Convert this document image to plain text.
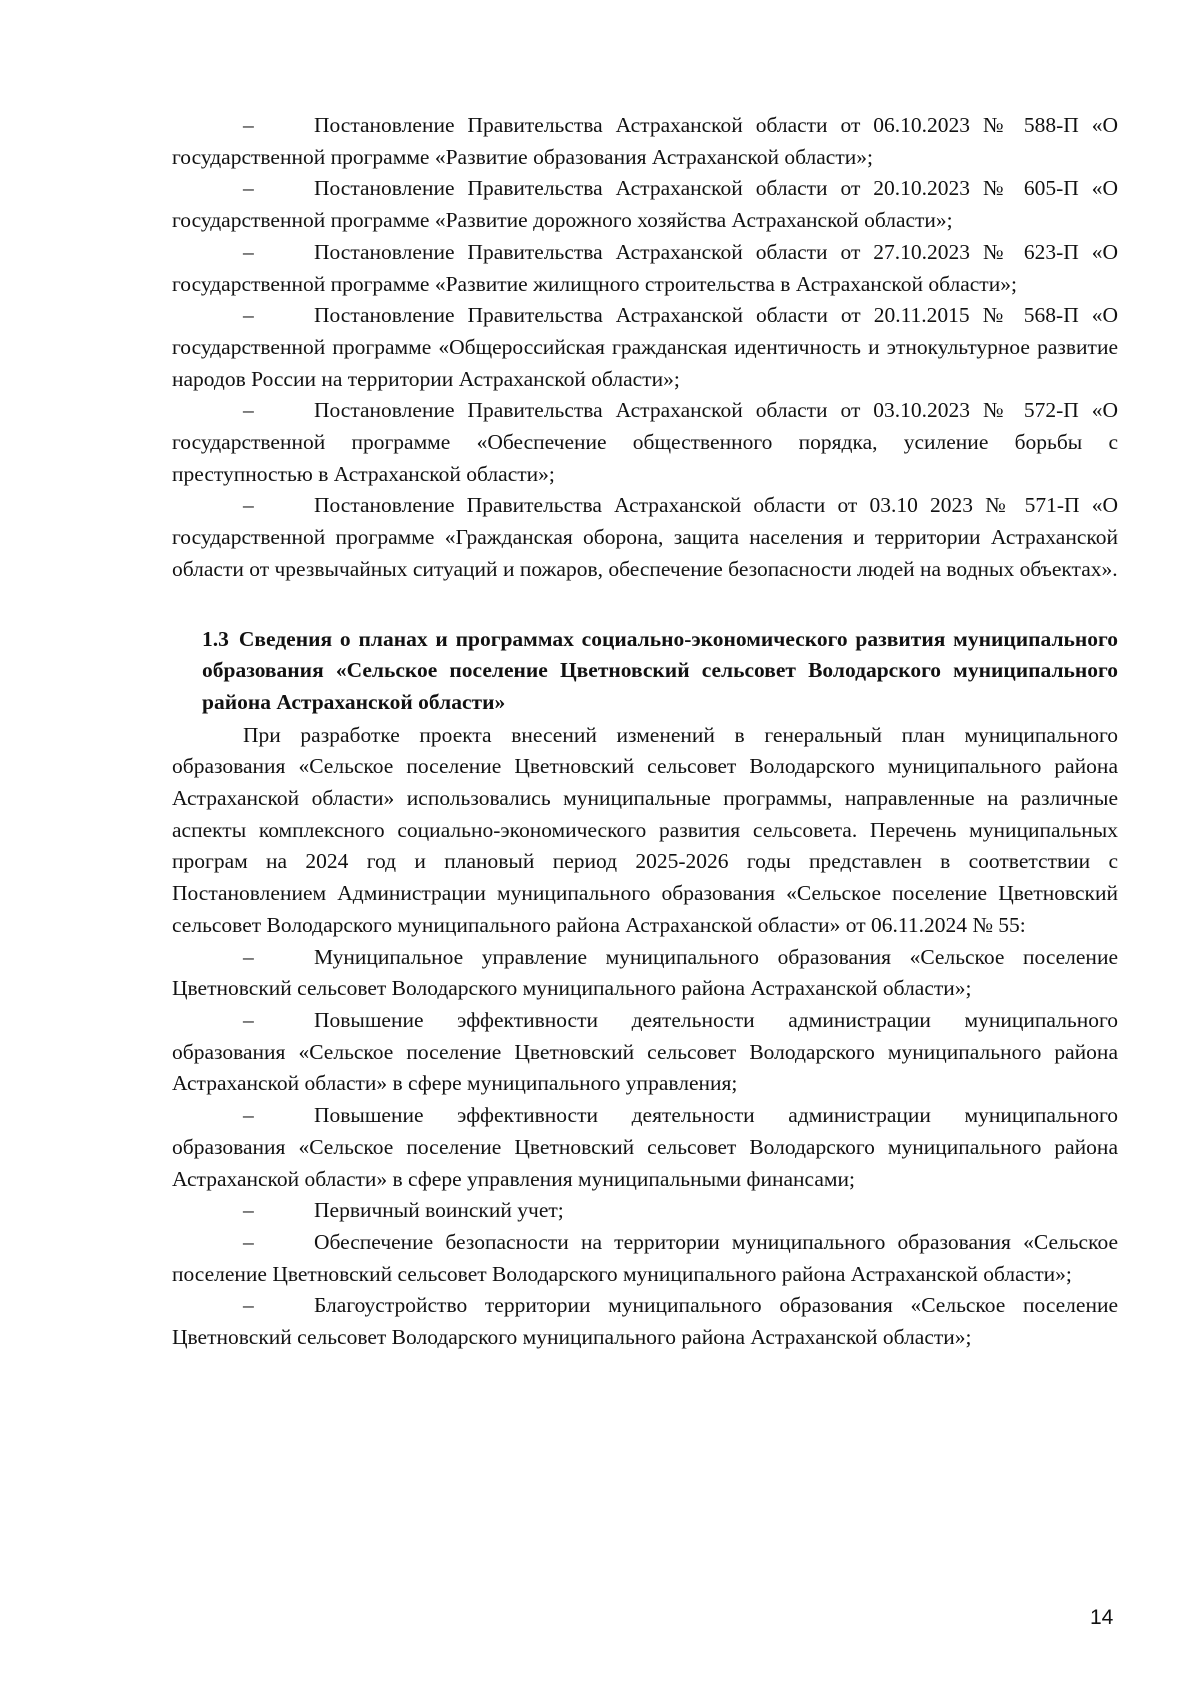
–	Постановление Правительства Астраханской области от 06.10.2023 № 588-П «О государственной программе «Развитие образования Астраханской области»;

–	Постановление Правительства Астраханской области от 20.10.2023 № 605-П «О государственной программе «Развитие дорожного хозяйства Астраханской области»;

–	Постановление Правительства Астраханской области от 27.10.2023 № 623-П «О государственной программе «Развитие жилищного строительства в Астраханской области»;

–	Постановление Правительства Астраханской области от 20.11.2015 № 568-П «О государственной программе «Общероссийская гражданская идентичность и этнокультурное развитие народов России на территории Астраханской области»;

–	Постановление Правительства Астраханской области от 03.10.2023 № 572-П «О государственной программе «Обеспечение общественного порядка, усиление борьбы с преступностью в Астраханской области»;

–	Постановление Правительства Астраханской области от 03.10 2023 № 571-П «О государственной программе «Гражданская оборона, защита населения и территории Астраханской области от чрезвычайных ситуаций и пожаров, обеспечение безопасности людей на водных объектах».

1.3 Сведения о планах и программах социально-экономического развития муниципального образования «Сельское поселение Цветновский сельсовет Володарского муниципального района Астраханской области»

При разработке проекта внесений изменений в генеральный план муниципального образования «Сельское поселение Цветновский сельсовет Володарского муниципального района Астраханской области» использовались муниципальные программы, направленные на различные аспекты комплексного социально-экономического развития сельсовета. Перечень муниципальных програм на 2024 год и плановый период 2025-2026 годы представлен в соответствии с Постановлением Администрации муниципального образования «Сельское поселение Цветновский сельсовет Володарского муниципального района Астраханской области» от 06.11.2024 № 55:

–	Муниципальное управление муниципального образования «Сельское поселение Цветновский сельсовет Володарского муниципального района Астраханской области»;

–	Повышение эффективности деятельности администрации муниципального образования «Сельское поселение Цветновский сельсовет Володарского муниципального района Астраханской области» в сфере муниципального управления;

–	Повышение эффективности деятельности администрации муниципального образования «Сельское поселение Цветновский сельсовет Володарского муниципального района Астраханской области» в сфере управления муниципальными финансами;

–	Первичный воинский учет;

–	Обеспечение безопасности на территории муниципального образования «Сельское поселение Цветновский сельсовет Володарского муниципального района Астраханской области»;

–	Благоустройство территории муниципального образования «Сельское поселение Цветновский сельсовет Володарского муниципального района Астраханской области»;

14
